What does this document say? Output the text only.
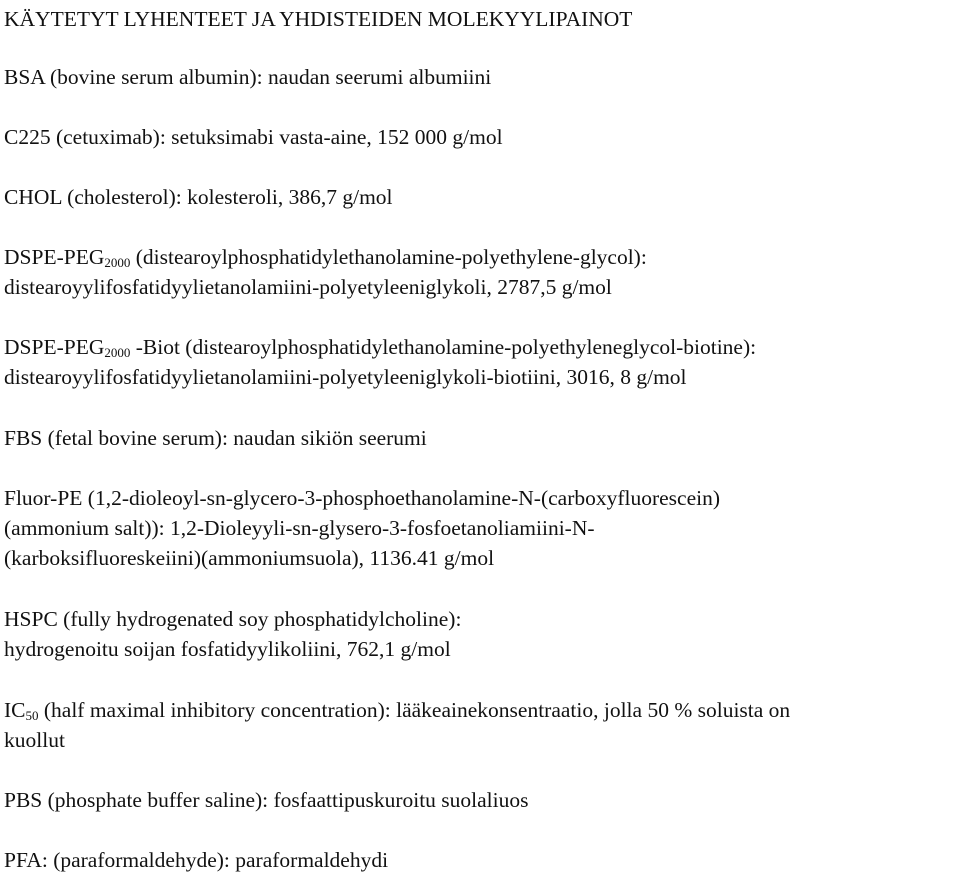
KÄYTETYT LYHENTEET JA YHDISTEIDEN MOLEKYYLIPAINOT
BSA (bovine serum albumin): naudan seerumi albumiini
C225 (cetuximab): setuksimabi vasta-aine, 152 000 g/mol
CHOL (cholesterol): kolesteroli, 386,7 g/mol
DSPE-$PEG_{2000}$ (distearoylphosphatidylethanolamine-polyethylene-glycol):
distearoyylifosfatidyylietanolamiini-polyetyleeniglykoli, 2787,5 g/mol
DSPE-$PEG_{2000}$ -Biot (distearoylphosphatidylethanolamine-polyethyleneglycol-biotine):
distearoyylifosfatidyylietanolamiini-polyetyleeniglykoli-biotiini, 3016, 8 g/mol
FBS (fetal bovine serum): naudan sikiön seerumi
Fluor-PE (1,2-dioleoyl-sn-glycero-3-phosphoethanolamine-N-(carboxyfluorescein)
(ammonium salt)): 1,2-Dioleyyli-sn-glysero-3-fosfoetanoliamiini-N-
(karboksifluoreskeiini)(ammoniumsuola), 1136.41 g/mol
HSPC (fully hydrogenated soy phosphatidylcholine):
hydrogenoitu soijan fosfatidyylikoliini, 762,1 g/mol
$IC_{50}$ (half maximal inhibitory concentration): lääkeainekonsentraatio, jolla 50 % soluista on
kuollut
PBS (phosphate buffer saline): fosfaattipuskuroitu suolaliuos
PFA: (paraformaldehyde): paraformaldehydi
